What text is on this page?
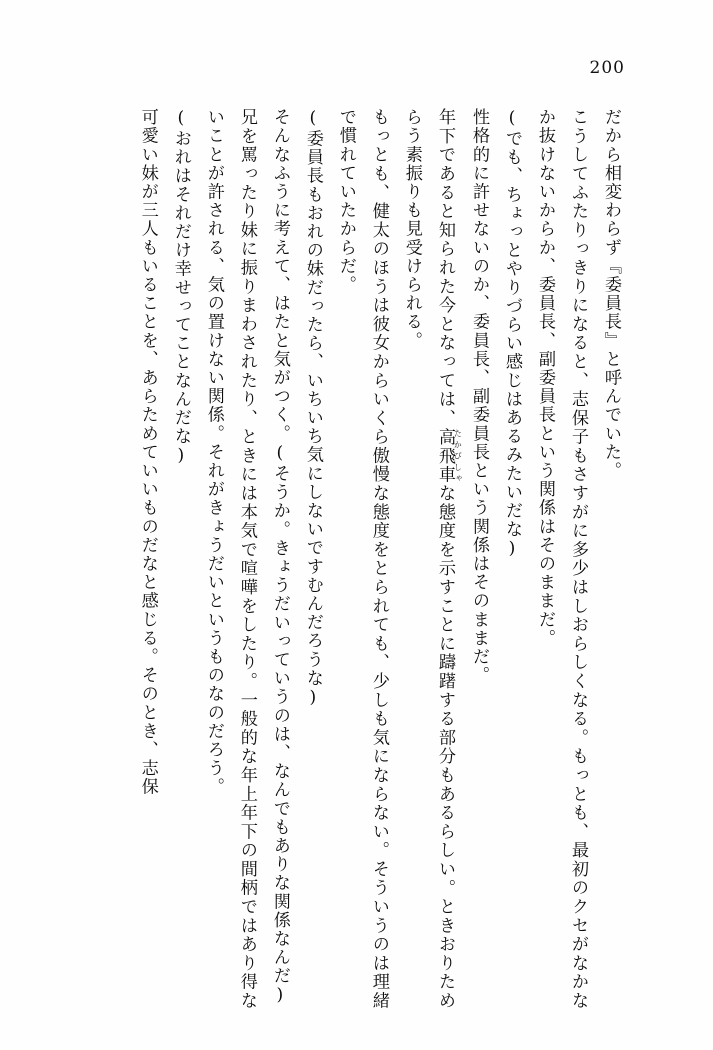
200

だから相変わらず『委員長』と呼んでいた。

こうしてふたりっきりになると、志保子もさすがに多少はしおらしくなる。もっとも、最初のクセがなかなか抜けないからか、委員長、副委員長という関係はそのままだ。

(でも、ちょっとやりづらい感じはあるみたいだな)

性格的に許せないのか、委員長、副委員長という関係はそのままだ。

年下であると知られた今となっては、高飛車たかびしゃな態度を示すことに躊躇する部分もあるらしい。ときおりためらう素振りも見受けられる。

もっとも、健太のほうは彼女からいくら傲慢な態度をとられても、少しも気にならない。そういうのは理緒で慣れていたからだ。

(委員長もおれの妹だったら、いちいち気にしないですむんだろうな)

そんなふうに考えて、はたと気がつく。

(そうか。きょうだいっていうのは、なんでもありな関係なんだ)

兄を罵ったり妹に振りまわされたり、ときには本気で喧嘩をしたり。一般的な年上年下の間柄ではあり得ないことが許される、気の置けない関係。それがきょうだいというものなのだろう。

(おれはそれだけ幸せってことなんだな)

可愛い妹が三人もいることを、あらためていいものだなと感じる。そのとき、志保
